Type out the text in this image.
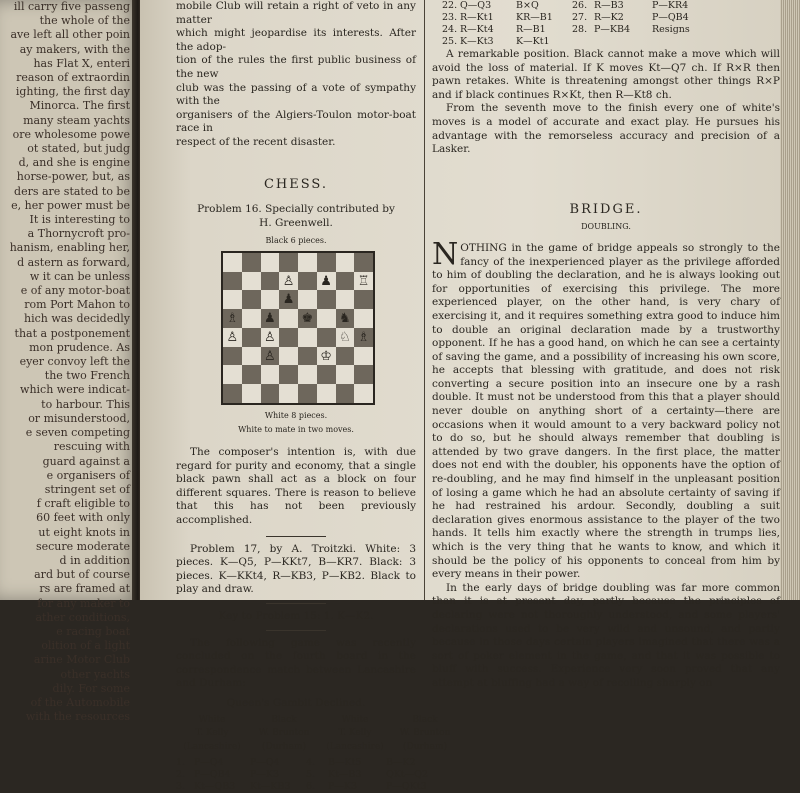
ill carry five passeng

the whole of the

ave left all other poin

ay makers, with the

has Flat X, enteri

reason of extraordin

ighting, the first day

Minorca. The first

many steam yachts

ore wholesome powe

ot stated, but judg

d, and she is engine

horse-power, but, as

ders are stated to be

e, her power must be

It is interesting to

a Thornycroft pro-

hanism, enabling her,

d astern as forward,

w it can be unless

e of any motor-boat

rom Port Mahon to

hich was decidedly

that a postponement

mon prudence. As

eyer convoy left the

the two French

which were indicat-

to harbour. This

or misunderstood,

e seven competing

rescuing with

guard against a

e organisers of

stringent set of

f craft eligible to

60 feet with only

ut eight knots in

secure moderate

d in addition

ard but of course

rs are framed at

for any maker to

ather conditions,

e racing boat

olition of a light

arine Motor Club

other yachts

dily. For some

of the Automobile

with the resources

mobile Club will retain a right of veto in any matter

which might jeopardise its interests. After the adop-

tion of the rules the first public business of the new

club was the passing of a vote of sympathy with the

organisers of the Algiers-Toulon motor-boat race in

respect of the recent disaster.

CHESS.

Problem 16. Specially contributed by

H. Greenwell.

Black 6 pieces.

♙ ♟ ♖
♟
♗ ♟ ♚ ♞
♙ ♙	♘ ♗
♙	♔

White 8 pieces.

White to mate in two moves.

The composer's intention is, with due regard for purity and economy, that a single black pawn shall act as a block on four different squares. There is reason to believe that this has not been previously accomplished.

Problem 17, by A. Troitzki. White: 3 pieces. K—Q5, P—KKt7, B—KR7. Black: 3 pieces. K—KKt4, R—KB3, P—KB2. Black to play and draw.

Key to Problem 15: 1. K—K2.

The following game was recently concluded on the fourth board in the correspondence match between Lancashire and Durham:

Queen's Gambit Declined.

White	Black	White	Black
T. Kelly	W. Brunton	T. Kelly	W. Brunton
(Lancashire)	(Durham)	(Lancashire)	(Durham)
1. P—Q4	P—Q4	4.	B—Kt5	B—K2
2. P—QB4	P—K3	5.	Kt—B3	QKt—Q2
3. Kt—QB3	Kt—KB3	6.	P—K3	P—QKt3
22. Q—Q3	B×Q	26. R—B3	P—KR4
23. R—Kt1	KR—B1	27. R—K2	P—QB4
24. R—Kt4	R—B1	28. P—KB4	Resigns
25. K—Kt3	K—Kt1

A remarkable position. Black cannot make a move which will avoid the loss of material. If K moves Kt—Q7 ch. If R×R then pawn retakes. White is threatening amongst other things R×P and if black continues R×Kt, then R—Kt8 ch.

From the seventh move to the finish every one of white's moves is a model of accurate and exact play. He pursues his advantage with the remorseless accuracy and precision of a Lasker.

BRIDGE.

DOUBLING.

NOTHING in the game of bridge appeals so strongly to the fancy of the inexperienced player as the privilege afforded to him of doubling the declaration, and he is always looking out for opportunities of exercising this privilege. The more experienced player, on the other hand, is very chary of exercising it, and it requires something extra good to induce him to double an original declaration made by a trustworthy opponent. If he has a good hand, on which he can see a certainty of saving the game, and a possibility of increasing his own score, he accepts that blessing with gratitude, and does not risk converting a secure position into an insecure one by a rash double. It must not be understood from this that a player should never double on anything short of a certainty—there are occasions when it would amount to a very backward policy not to do so, but he should always remember that doubling is attended by two grave dangers. In the first place, the matter does not end with the doubler, his opponents have the option of re-doubling, and he may find himself in the unpleasant position of losing a game which he had an absolute certainty of saving if he had restrained his ardour. Secondly, doubling a suit declaration gives enormous assistance to the player of the two hands. It tells him exactly where the strength in trumps lies, which is the very thing that he wants to know, and which it should be the policy of his opponents to conceal from him by every means in their power.

In the early days of bridge doubling was far more common than it is at present day, partly because the principles of declaring were not thoroughly understood, and some players' declarations used to be very wild and unsound, and partly because in those days certain players imagined that there was a sort of poker element in the game, and that it was possible to bluff with success. Experience very soon proved that any attempt at bluffing had a way of recoiling sharply on
